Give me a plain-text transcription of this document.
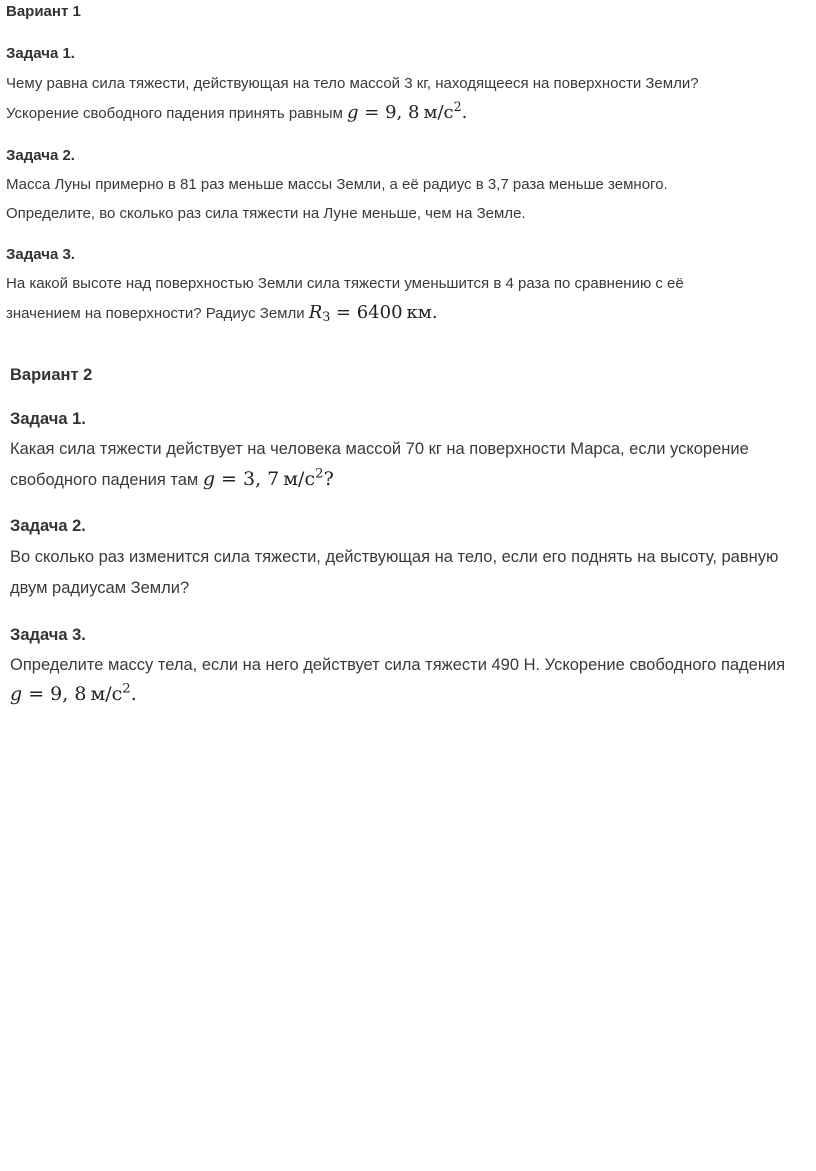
Вариант 1
Задача 1.
Чему равна сила тяжести, действующая на тело массой 3 кг, находящееся на поверхности Земли?
Ускорение свободного падения принять равным g = 9, 8 $м/с^2$.
Задача 2.
Масса Луны примерно в 81 раз меньше массы Земли, а её радиус в 3,7 раза меньше земного.
Определите, во сколько раз сила тяжести на Луне меньше, чем на Земле.
Задача 3.
На какой высоте над поверхностью Земли сила тяжести уменьшится в 4 раза по сравнению с её
значением на поверхности? Радиус Земли $R_З = 6400$ км.
Вариант 2
Задача 1.
Какая сила тяжести действует на человека массой 70 кг на поверхности Марса, если ускорение
свободного падения там g = 3, 7 $м/с^2$?
Задача 2.
Во сколько раз изменится сила тяжести, действующая на тело, если его поднять на высоту, равную
двум радиусам Земли?
Задача 3.
Определите массу тела, если на него действует сила тяжести 490 Н. Ускорение свободного падения
g = 9, 8 $м/с^2$.
